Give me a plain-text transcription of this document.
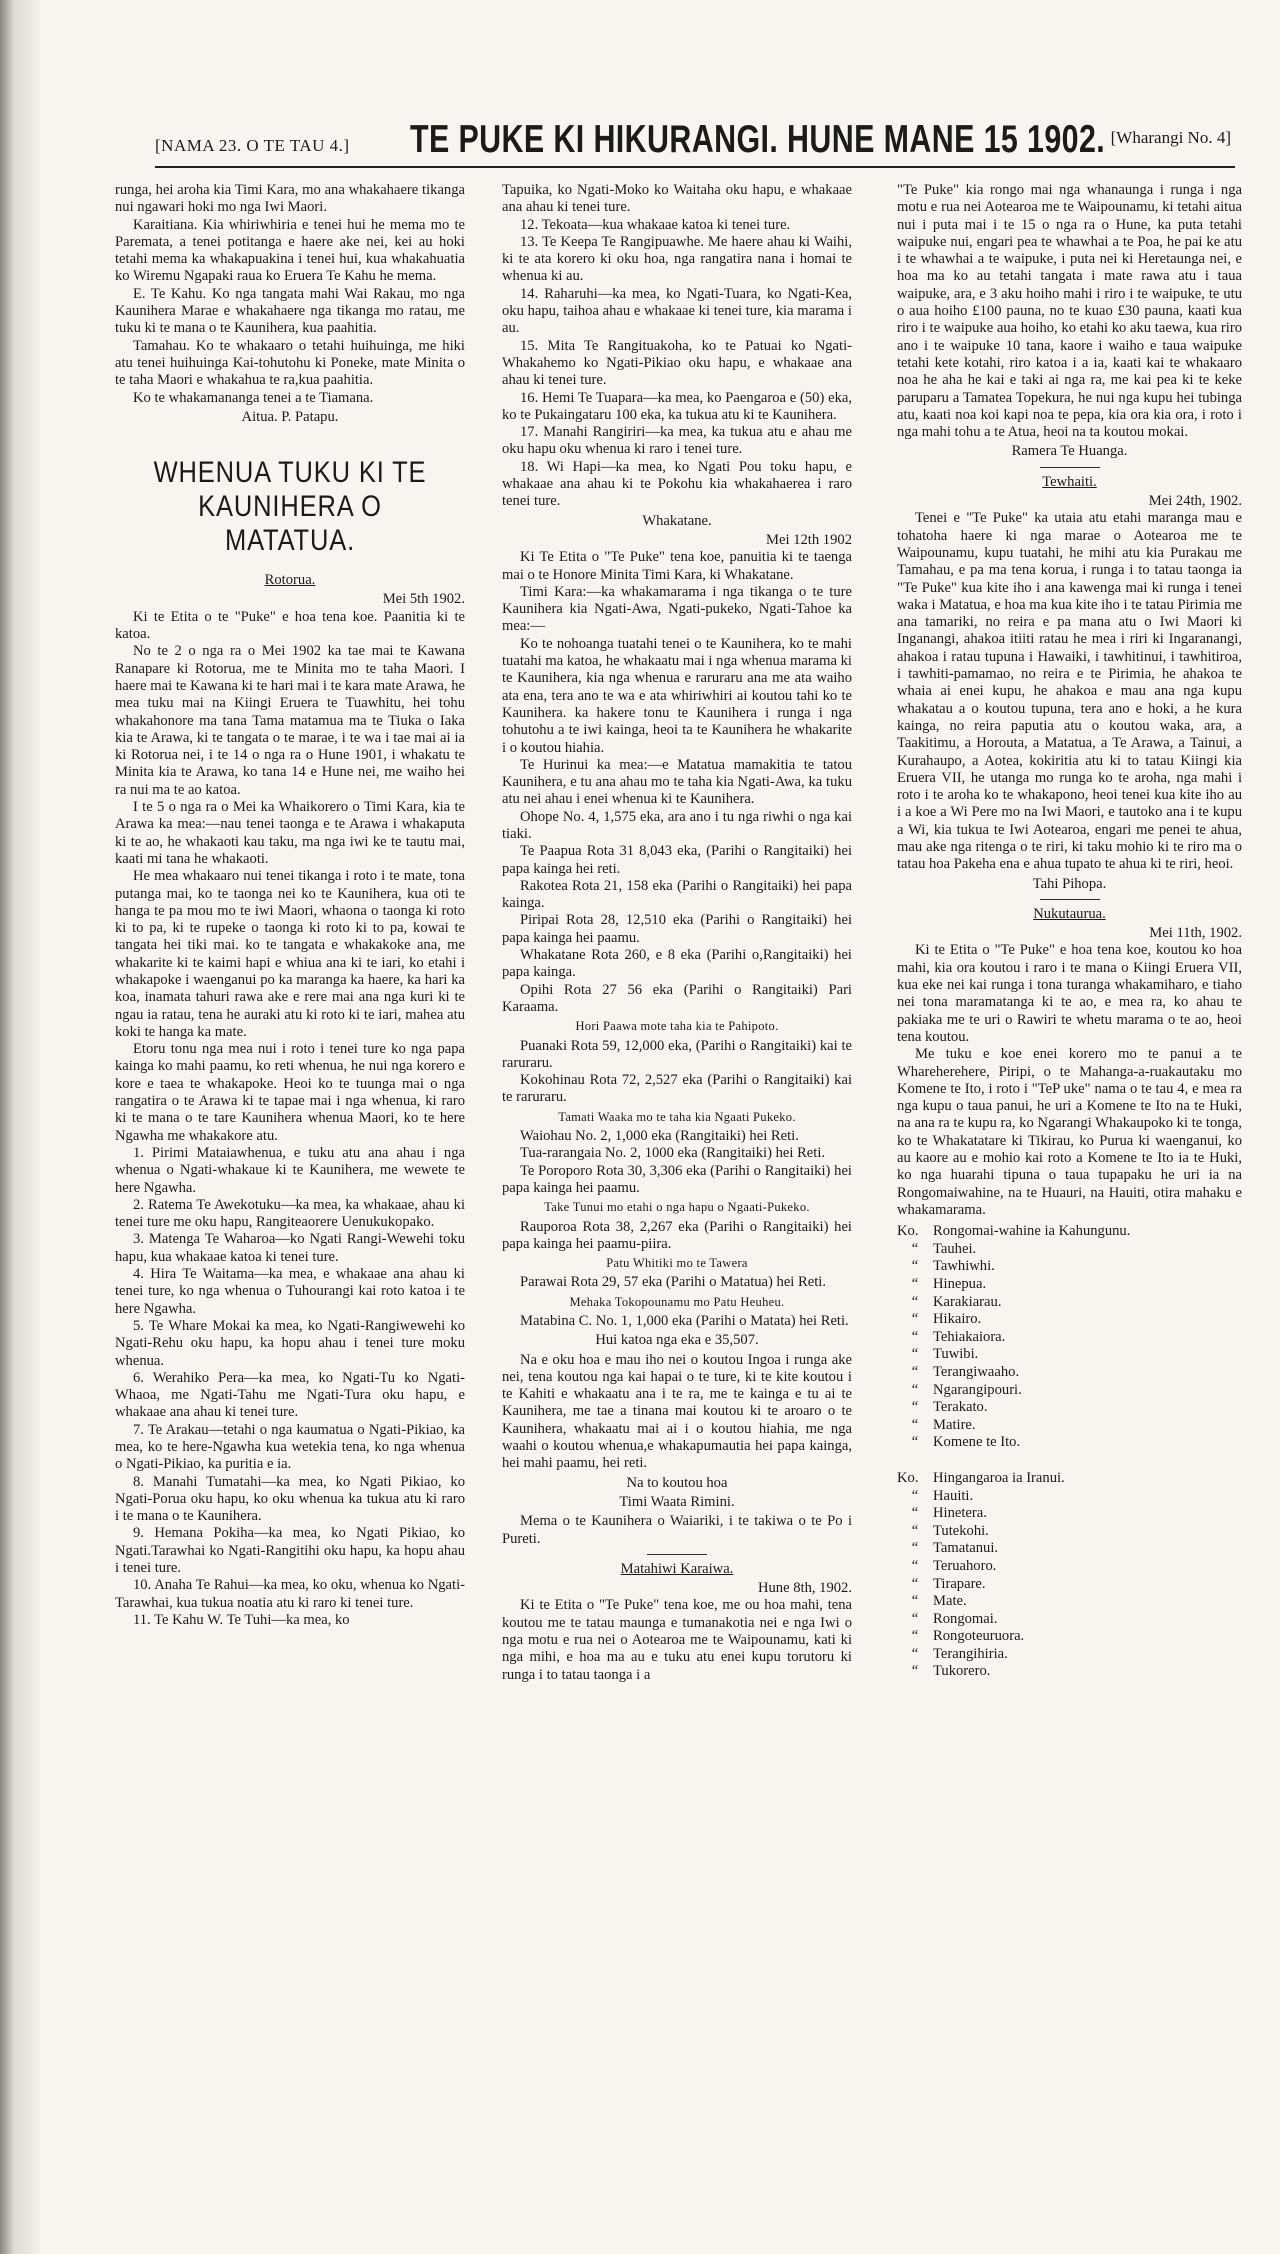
[NAMA 23. O TE TAU 4.] TE PUKE KI HIKURANGI. HUNE MANE 15 1902. [Wharangi No. 4]

runga, hei aroha kia Timi Kara, mo ana whakahaere tikanga nui ngawari hoki mo nga Iwi Maori.

Karaitiana. Kia whiriwhiria e tenei hui he mema mo te Paremata, a tenei potitanga e haere ake nei, kei au hoki tetahi mema ka whakapuakina i tenei hui, kua whakahuatia ko Wiremu Ngapaki raua ko Eruera Te Kahu he mema.

E. Te Kahu. Ko nga tangata mahi Wai Rakau, mo nga Kaunihera Marae e whakahaere nga tikanga mo ratau, me tuku ki te mana o te Kaunihera, kua paahitia.

Tamahau. Ko te whakaaro o tetahi huihuinga, me hiki atu tenei huihuinga Kai-tohutohu ki Poneke, mate Minita o te taha Maori e whakahua te ra,kua paahitia.

Ko te whakamananga tenei a te Tiamana.

Aitua. P. Patapu.

WHENUA TUKU KI TE KAUNIHERA O MATATUA.

Rotorua.

Mei 5th 1902.

Ki te Etita o te "Puke" e hoa tena koe. Paanitia ki te katoa.

No te 2 o nga ra o Mei 1902 ka tae mai te Kawana Ranapare ki Rotorua, me te Minita mo te taha Maori. I haere mai te Kawana ki te hari mai i te kara mate Arawa, he mea tuku mai na Kiingi Eruera te Tuawhitu, hei tohu whakahonore ma tana Tama matamua ma te Tiuka o Iaka kia te Arawa, ki te tangata o te marae, i te wa i tae mai ai ia ki Rotorua nei, i te 14 o nga ra o Hune 1901, i whakatu te Minita kia te Arawa, ko tana 14 e Hune nei, me waiho hei ra nui ma te ao katoa.

I te 5 o nga ra o Mei ka Whaikorero o Timi Kara, kia te Arawa ka mea:—nau tenei taonga e te Arawa i whakaputa ki te ao, he whakaoti kau taku, ma nga iwi ke te tautu mai, kaati mi tana he whakaoti.

He mea whakaaro nui tenei tikanga i roto i te mate, tona putanga mai, ko te taonga nei ko te Kaunihera, kua oti te hanga te pa mou mo te iwi Maori, whaona o taonga ki roto ki to pa, ki te rupeke o taonga ki roto ki to pa, kowai te tangata hei tiki mai. ko te tangata e whakakoke ana, me whakarite ki te kaimi hapi e whiua ana ki te iari, ko etahi i whakapoke i waenganui po ka maranga ka haere, ka hari ka koa, inamata tahuri rawa ake e rere mai ana nga kuri ki te ngau ia ratau, tena he auraki atu ki roto ki te iari, mahea atu koki te hanga ka mate.

Etoru tonu nga mea nui i roto i tenei ture ko nga papa kainga ko mahi paamu, ko reti whenua, he nui nga korero e kore e taea te whakapoke. Heoi ko te tuunga mai o nga rangatira o te Arawa ki te tapae mai i nga whenua, ki raro ki te mana o te tare Kaunihera whenua Maori, ko te here Ngawha me whakakore atu.

1. Pirimi Mataiawhenua, e tuku atu ana ahau i nga whenua o Ngati-whakaue ki te Kaunihera, me wewete te here Ngawha.

2. Ratema Te Awekotuku—ka mea, ka whakaae, ahau ki tenei ture me oku hapu, Rangiteaorere Uenukukopako.

3. Matenga Te Waharoa—ko Ngati Rangi-Wewehi toku hapu, kua whakaae katoa ki tenei ture.

4. Hira Te Waitama—ka mea, e whakaae ana ahau ki tenei ture, ko nga whenua o Tuhourangi kai roto katoa i te here Ngawha.

5. Te Whare Mokai ka mea, ko Ngati-Rangiwewehi ko Ngati-Rehu oku hapu, ka hopu ahau i tenei ture moku whenua.

6. Werahiko Pera—ka mea, ko Ngati-Tu ko Ngati-Whaoa, me Ngati-Tahu me Ngati-Tura oku hapu, e whakaae ana ahau ki tenei ture.

7. Te Arakau—tetahi o nga kaumatua o Ngati-Pikiao, ka mea, ko te here-Ngawha kua wetekia tena, ko nga whenua o Ngati-Pikiao, ka puritia e ia.

8. Manahi Tumatahi—ka mea, ko Ngati Pikiao, ko Ngati-Porua oku hapu, ko oku whenua ka tukua atu ki raro i te mana o te Kaunihera.

9. Hemana Pokiha—ka mea, ko Ngati Pikiao, ko Ngati.Tarawhai ko Ngati-Rangitihi oku hapu, ka hopu ahau i tenei ture.

10. Anaha Te Rahui—ka mea, ko oku, whenua ko Ngati-Tarawhai, kua tukua noatia atu ki raro ki tenei ture.

11. Te Kahu W. Te Tuhi—ka mea, ko

Tapuika, ko Ngati-Moko ko Waitaha oku hapu, e whakaae ana ahau ki tenei ture.

12. Tekoata—kua whakaae katoa ki tenei ture.

13. Te Keepa Te Rangipuawhe. Me haere ahau ki Waihi, ki te ata korero ki oku hoa, nga rangatira nana i homai te whenua ki au.

14. Raharuhi—ka mea, ko Ngati-Tuara, ko Ngati-Kea, oku hapu, taihoa ahau e whakaae ki tenei ture, kia marama i au.

15. Mita Te Rangituakoha, ko te Patuai ko Ngati-Whakahemo ko Ngati-Pikiao oku hapu, e whakaae ana ahau ki tenei ture.

16. Hemi Te Tuapara—ka mea, ko Paengaroa e (50) eka, ko te Pukaingataru 100 eka, ka tukua atu ki te Kaunihera.

17. Manahi Rangiriri—ka mea, ka tukua atu e ahau me oku hapu oku whenua ki raro i tenei ture.

18. Wi Hapi—ka mea, ko Ngati Pou toku hapu, e whakaae ana ahau ki te Pokohu kia whakahaerea i raro tenei ture.

Whakatane.

Mei 12th 1902

Ki Te Etita o "Te Puke" tena koe, panuitia ki te taenga mai o te Honore Minita Timi Kara, ki Whakatane.

Timi Kara:—ka whakamarama i nga tikanga o te ture Kaunihera kia Ngati-Awa, Ngati-pukeko, Ngati-Tahoe ka mea:—

Ko te nohoanga tuatahi tenei o te Kaunihera, ko te mahi tuatahi ma katoa, he whakaatu mai i nga whenua marama ki te Kaunihera, kia nga whenua e raruraru ana me ata waiho ata ena, tera ano te wa e ata whiriwhiri ai koutou tahi ko te Kaunihera. ka hakere tonu te Kaunihera i runga i nga tohutohu a te iwi kainga, heoi ta te Kaunihera he whakarite i o koutou hiahia.

Te Hurinui ka mea:—e Matatua mamakitia te tatou Kaunihera, e tu ana ahau mo te taha kia Ngati-Awa, ka tuku atu nei ahau i enei whenua ki te Kaunihera.

Ohope No. 4, 1,575 eka, ara ano i tu nga riwhi o nga kai tiaki.

Te Paapua Rota 31 8,043 eka, (Parihi o Rangitaiki) hei papa kainga hei reti.

Rakotea Rota 21, 158 eka (Parihi o Rangitaiki) hei papa kainga.

Piripai Rota 28, 12,510 eka (Parihi o Rangitaiki) hei papa kainga hei paamu.

Whakatane Rota 260, e 8 eka (Parihi o,Rangitaiki) hei papa kainga.

Opihi Rota 27 56 eka (Parihi o Rangitaiki) Pari Karaama.

Hori Paawa mote taha kia te Pahipoto.

Puanaki Rota 59, 12,000 eka, (Parihi o Rangitaiki) kai te raruraru.

Kokohinau Rota 72, 2,527 eka (Parihi o Rangitaiki) kai te raruraru.

Tamati Waaka mo te taha kia Ngaati Pukeko.

Waiohau No. 2, 1,000 eka (Rangitaiki) hei Reti.

Tua-rarangaia No. 2, 1000 eka (Rangitaiki) hei Reti.

Te Poroporo Rota 30, 3,306 eka (Parihi o Rangitaiki) hei papa kainga hei paamu.

Take Tunui mo etahi o nga hapu o Ngaati-Pukeko.

Rauporoa Rota 38, 2,267 eka (Parihi o Rangitaiki) hei papa kainga hei paamu-piira.

Patu Whitiki mo te Tawera

Parawai Rota 29, 57 eka (Parihi o Matatua) hei Reti.

Mehaka Tokopounamu mo Patu Heuheu.

Matabina C. No. 1, 1,000 eka (Parihi o Matata) hei Reti.

Hui katoa nga eka e 35,507.

Na e oku hoa e mau iho nei o koutou Ingoa i runga ake nei, tena koutou nga kai hapai o te ture, ki te kite koutou i te Kahiti e whakaatu ana i te ra, me te kainga e tu ai te Kaunihera, me tae a tinana mai koutou ki te aroaro o te Kaunihera, whakaatu mai ai i o koutou hiahia, me nga waahi o koutou whenua,e whakapumautia hei papa kainga, hei mahi paamu, hei reti.

Na to koutou hoa

Timi Waata Rimini.

Mema o te Kaunihera o Waiariki, i te takiwa o te Po i Pureti.

Matahiwi Karaiwa.

Hune 8th, 1902.

Ki te Etita o "Te Puke" tena koe, me ou hoa mahi, tena koutou me te tatau maunga e tumanakotia nei e nga Iwi o nga motu e rua nei o Aotearoa me te Waipounamu, kati ki nga mihi, e hoa ma au e tuku atu enei kupu torutoru ki runga i to tatau taonga i a

"Te Puke" kia rongo mai nga whanaunga i runga i nga motu e rua nei Aotearoa me te Waipounamu, ki tetahi aitua nui i puta mai i te 15 o nga ra o Hune, ka puta tetahi waipuke nui, engari pea te whawhai a te Poa, he pai ke atu i te whawhai a te waipuke, i puta nei ki Heretaunga nei, e hoa ma ko au tetahi tangata i mate rawa atu i taua waipuke, ara, e 3 aku hoiho mahi i riro i te waipuke, te utu o aua hoiho £100 pauna, no te kuao £30 pauna, kaati kua riro i te waipuke aua hoiho, ko etahi ko aku taewa, kua riro ano i te waipuke 10 tana, kaore i waiho e taua waipuke tetahi kete kotahi, riro katoa i a ia, kaati kai te whakaaro noa he aha he kai e taki ai nga ra, me kai pea ki te keke paruparu a Tamatea Topekura, he nui nga kupu hei tubinga atu, kaati noa koi kapi noa te pepa, kia ora kia ora, i roto i nga mahi tohu a te Atua, heoi na ta koutou mokai.

Ramera Te Huanga.

Tewhaiti.

Mei 24th, 1902.

Tenei e "Te Puke" ka utaia atu etahi maranga mau e tohatoha haere ki nga marae o Aotearoa me te Waipounamu, kupu tuatahi, he mihi atu kia Purakau me Tamahau, e pa ma tena korua, i runga i to tatau taonga ia "Te Puke" kua kite iho i ana kawenga mai ki runga i tenei waka i Matatua, e hoa ma kua kite iho i te tatau Pirimia me ana tamariki, no reira e pa mana atu o Iwi Maori ki Inganangi, ahakoa itiiti ratau he mea i riri ki Ingaranangi, ahakoa i ratau tupuna i Hawaiki, i tawhitinui, i tawhitiroa, i tawhiti-pamamao, no reira e te Pirimia, he ahakoa te whaia ai enei kupu, he ahakoa e mau ana nga kupu whakatau a o koutou tupuna, tera ano e hoki, a he kura kainga, no reira paputia atu o koutou waka, ara, a Taakitimu, a Horouta, a Matatua, a Te Arawa, a Tainui, a Kurahaupo, a Aotea, kokiritia atu ki to tatau Kiingi kia Eruera VII, he utanga mo runga ko te aroha, nga mahi i roto i te aroha ko te whakapono, heoi tenei kua kite iho au i a koe a Wi Pere mo na Iwi Maori, e tautoko ana i te kupu a Wi, kia tukua te Iwi Aotearoa, engari me penei te ahua, mau ake nga ritenga o te riri, ki taku mohio ki te riro ma o tatau hoa Pakeha ena e ahua tupato te ahua ki te riri, heoi.

Tahi Pihopa.

Nukutaurua.

Mei 11th, 1902.

Ki te Etita o "Te Puke" e hoa tena koe, koutou ko hoa mahi, kia ora koutou i raro i te mana o Kiingi Eruera VII, kua eke nei kai runga i tona turanga whakamiharo, e tiaho nei tona maramatanga ki te ao, e mea ra, ko ahau te pakiaka me te uri o Rawiri te whetu marama o te ao, heoi tena koutou.

Me tuku e koe enei korero mo te panui a te Whareherehere, Piripi, o te Mahanga-a-ruakautaku mo Komene te Ito, i roto i "TeP uke" nama o te tau 4, e mea ra nga kupu o taua panui, he uri a Komene te Ito na te Huki, na ana ra te kupu ra, ko Ngarangi Whakaupoko ki te tonga, ko te Whakatatare ki Tikirau, ko Purua ki waenganui, ko au kaore au e mohio kai roto a Komene te Ito ia te Huki, ko nga huarahi tipuna o taua tupapaku he uri ia na Rongomaiwahine, na te Huauri, na Hauiti, otira mahaku e whakamarama.

Ko. Rongomai-wahine ia Kahungunu.
“	Tauhei.
“	Tawhiwhi.
“	Hinepua.
“	Karakiarau.
“	Hikairo.
“	Tehiakaiora.
“	Tuwibi.
“	Terangiwaaho.
“	Ngarangipouri.
“	Terakato.
“	Matire.
“	Komene te Ito.
Ko. Hingangaroa ia Iranui.
“	Hauiti.
“	Hinetera.
“	Tutekohi.
“	Tamatanui.
“	Teruahoro.
“	Tirapare.
“	Mate.
“	Rongomai.
“	Rongoteuruora.
“	Terangihiria.
“	Tukorero.
